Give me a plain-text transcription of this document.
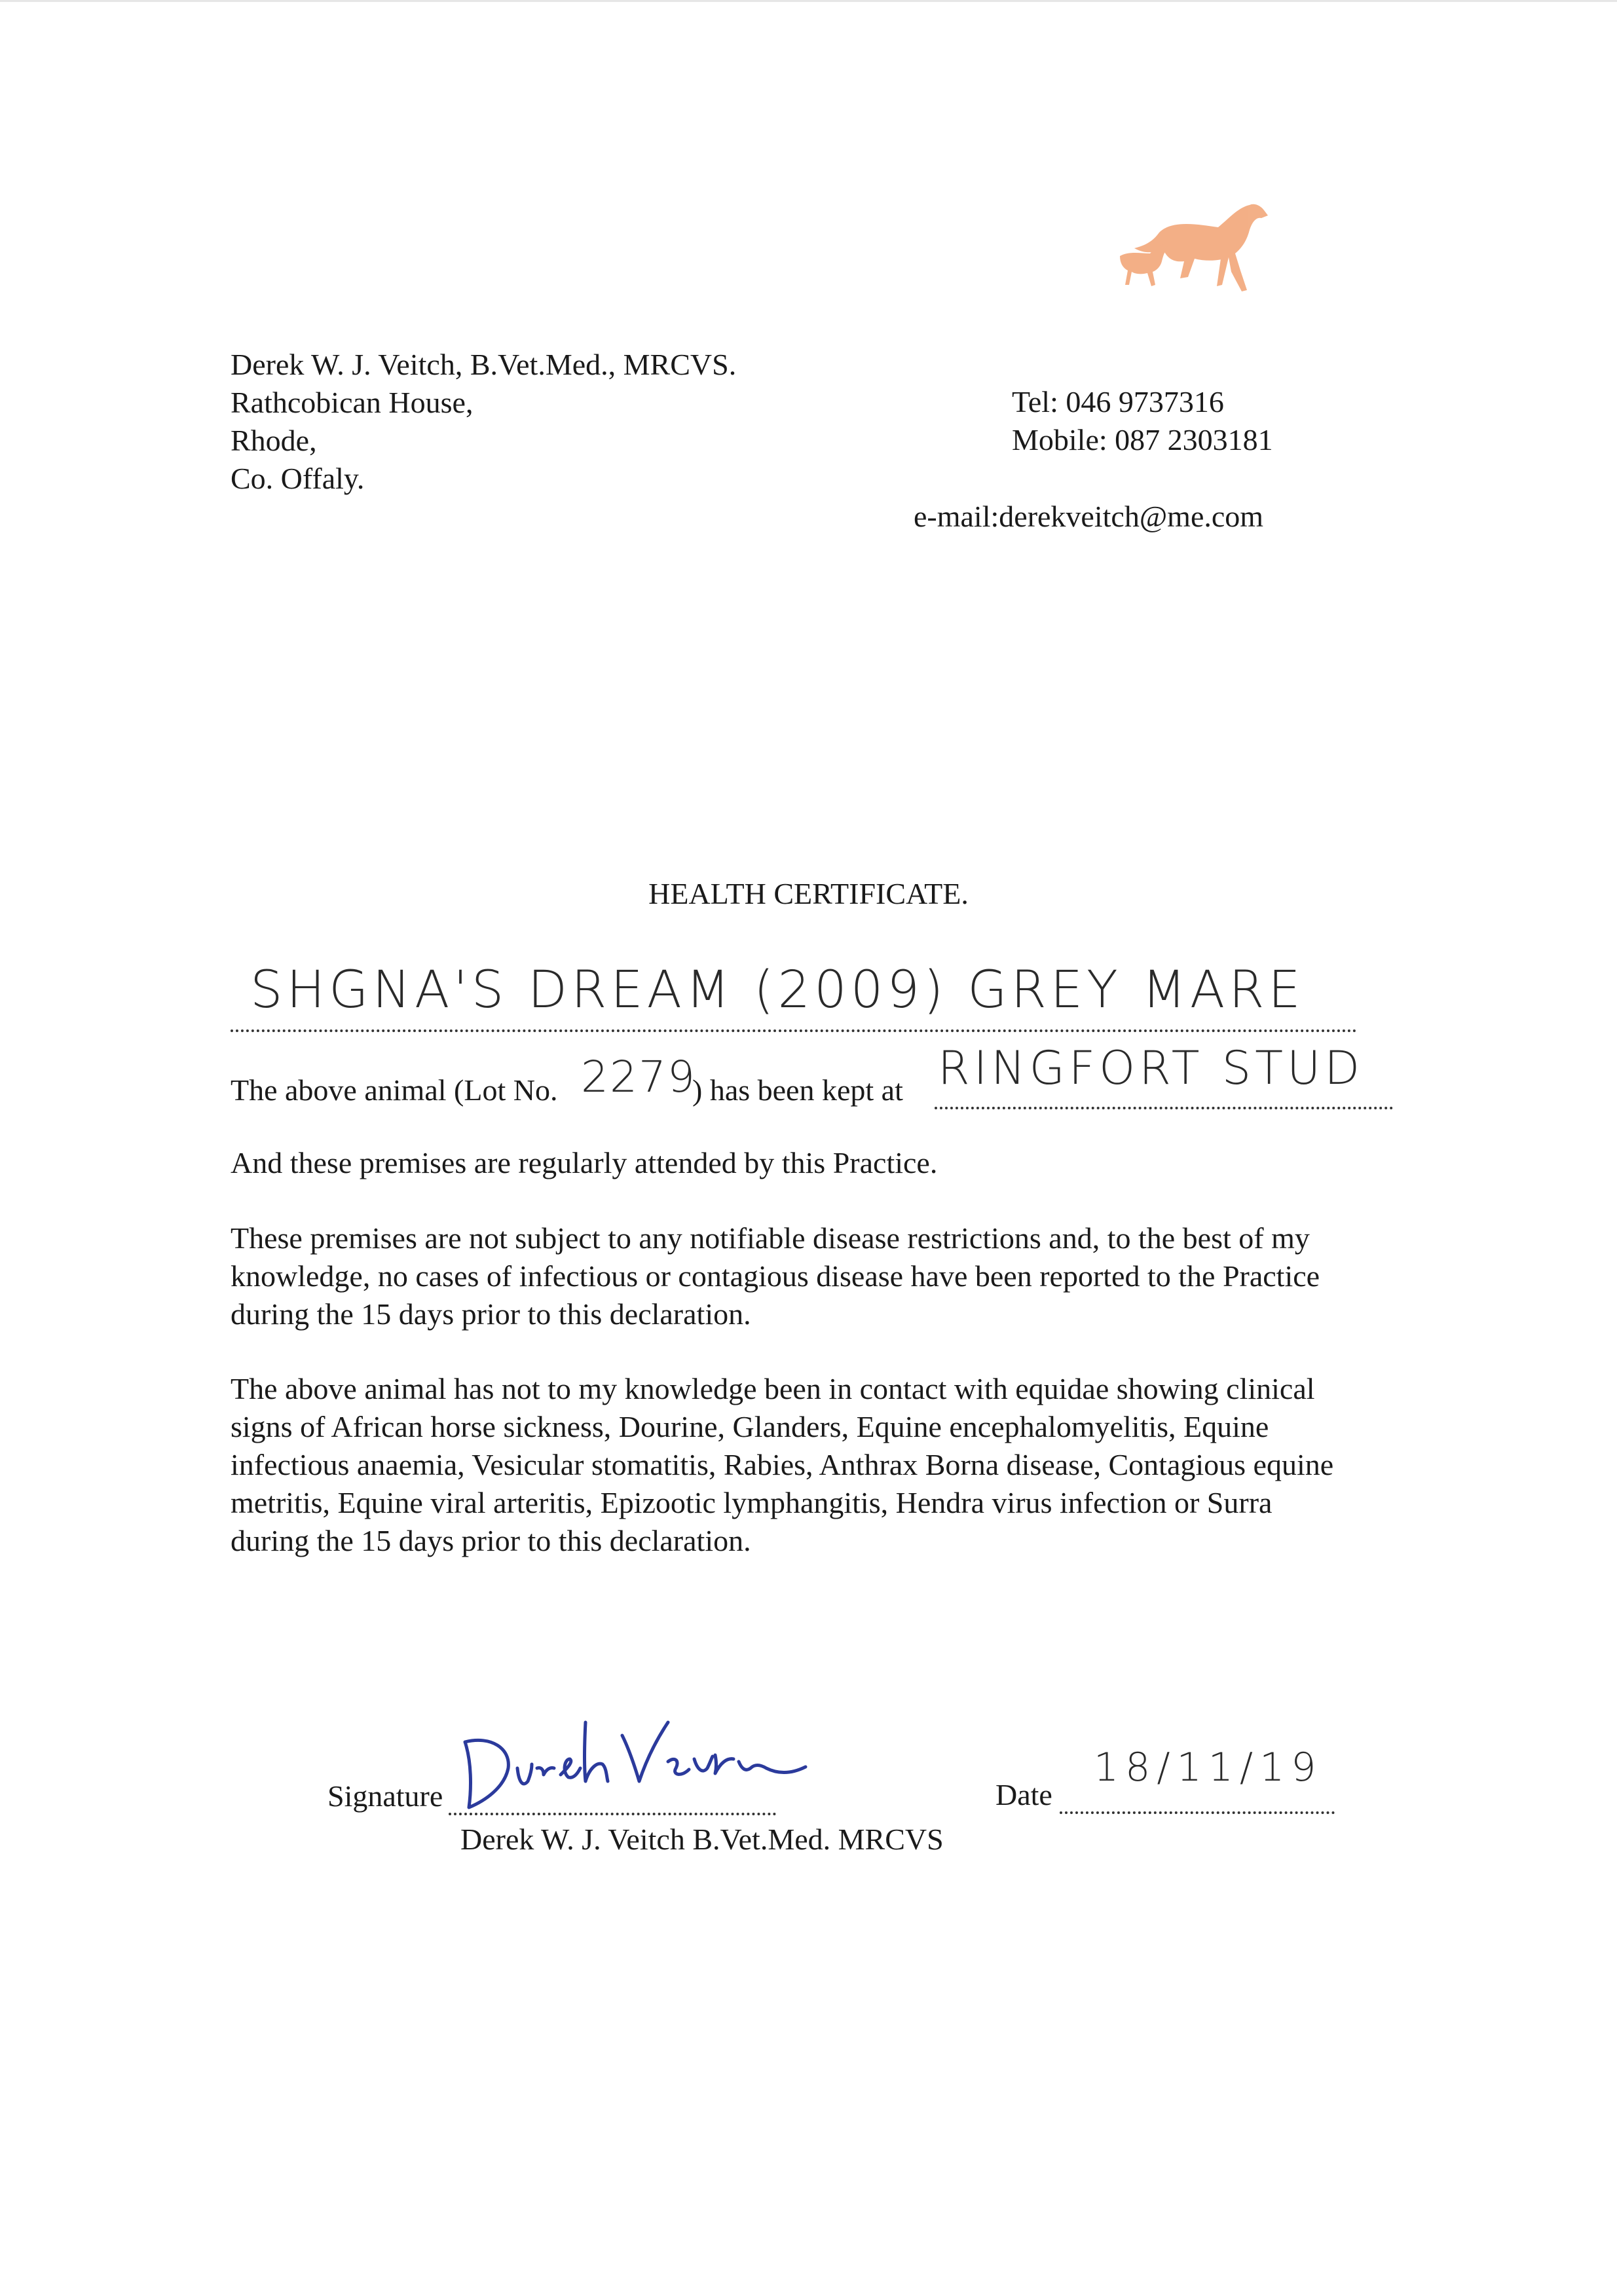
Derek W. J. Veitch, B.Vet.Med., MRCVS.
Rathcobican House,
Rhode,
Co. Offaly.
Tel: 046 9737316
Mobile: 087 2303181
e-mail:derekveitch@me.com
HEALTH CERTIFICATE.
SHGNA'S DREAM (2009) GREY MARE
The above animal (Lot No. 2279
) has been kept at RINGFORT STUD
And these premises are regularly attended by this Practice.
These premises are not subject to any notifiable disease restrictions and, to the best of my knowledge, no cases of infectious or contagious disease have been reported to the Practice during the 15 days prior to this declaration.
The above animal has not to my knowledge been in contact with equidae showing clinical signs of African horse sickness, Dourine, Glanders, Equine encephalomyelitis, Equine infectious anaemia, Vesicular stomatitis, Rabies, Anthrax Borna disease, Contagious equine metritis, Equine viral arteritis, Epizootic lymphangitis, Hendra virus infection or Surra during the 15 days prior to this declaration.
Signature
Derek W. J. Veitch B.Vet.Med. MRCVS
Date
18/11/19
